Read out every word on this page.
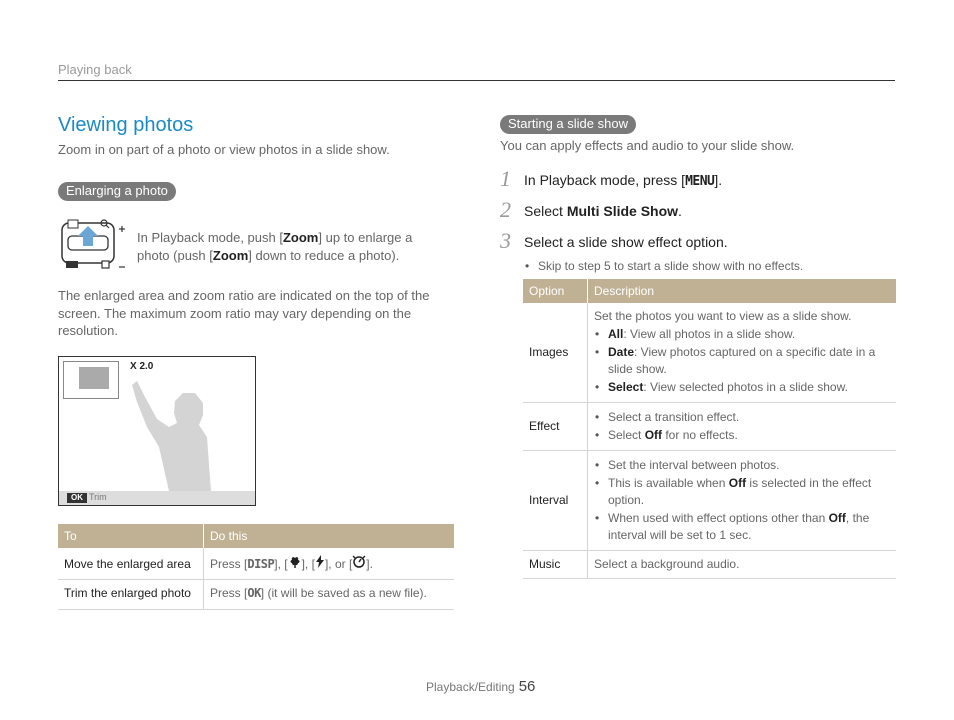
Playing back
Viewing photos
Zoom in on part of a photo or view photos in a slide show.
Enlarging a photo
In Playback mode, push [Zoom] up to enlarge a photo (push [Zoom] down to reduce a photo).
The enlarged area and zoom ratio are indicated on the top of the screen. The maximum zoom ratio may vary depending on the resolution.
X 2.0
OK Trim
To	Do this
Move the enlarged area	Press [DISP], [ ], [ ], or [ ].
Trim the enlarged photo	Press [OK] (it will be saved as a new file).
Starting a slide show
You can apply effects and audio to your slide show.
1 In Playback mode, press [MENU].
2 Select Multi Slide Show.
3 Select a slide show effect option.
• Skip to step 5 to start a slide show with no effects.
Option	Description
Images	Set the photos you want to view as a slide show.
• All: View all photos in a slide show.
• Date: View photos captured on a specific date in a slide show.
• Select: View selected photos in a slide show.

Effect	• Select a transition effect.
• Select Off for no effects.

Interval	• Set the interval between photos.
• This is available when Off is selected in the effect option.
• When used with effect options other than Off, the interval will be set to 1 sec.

Music	Select a background audio.
Playback/Editing 56
